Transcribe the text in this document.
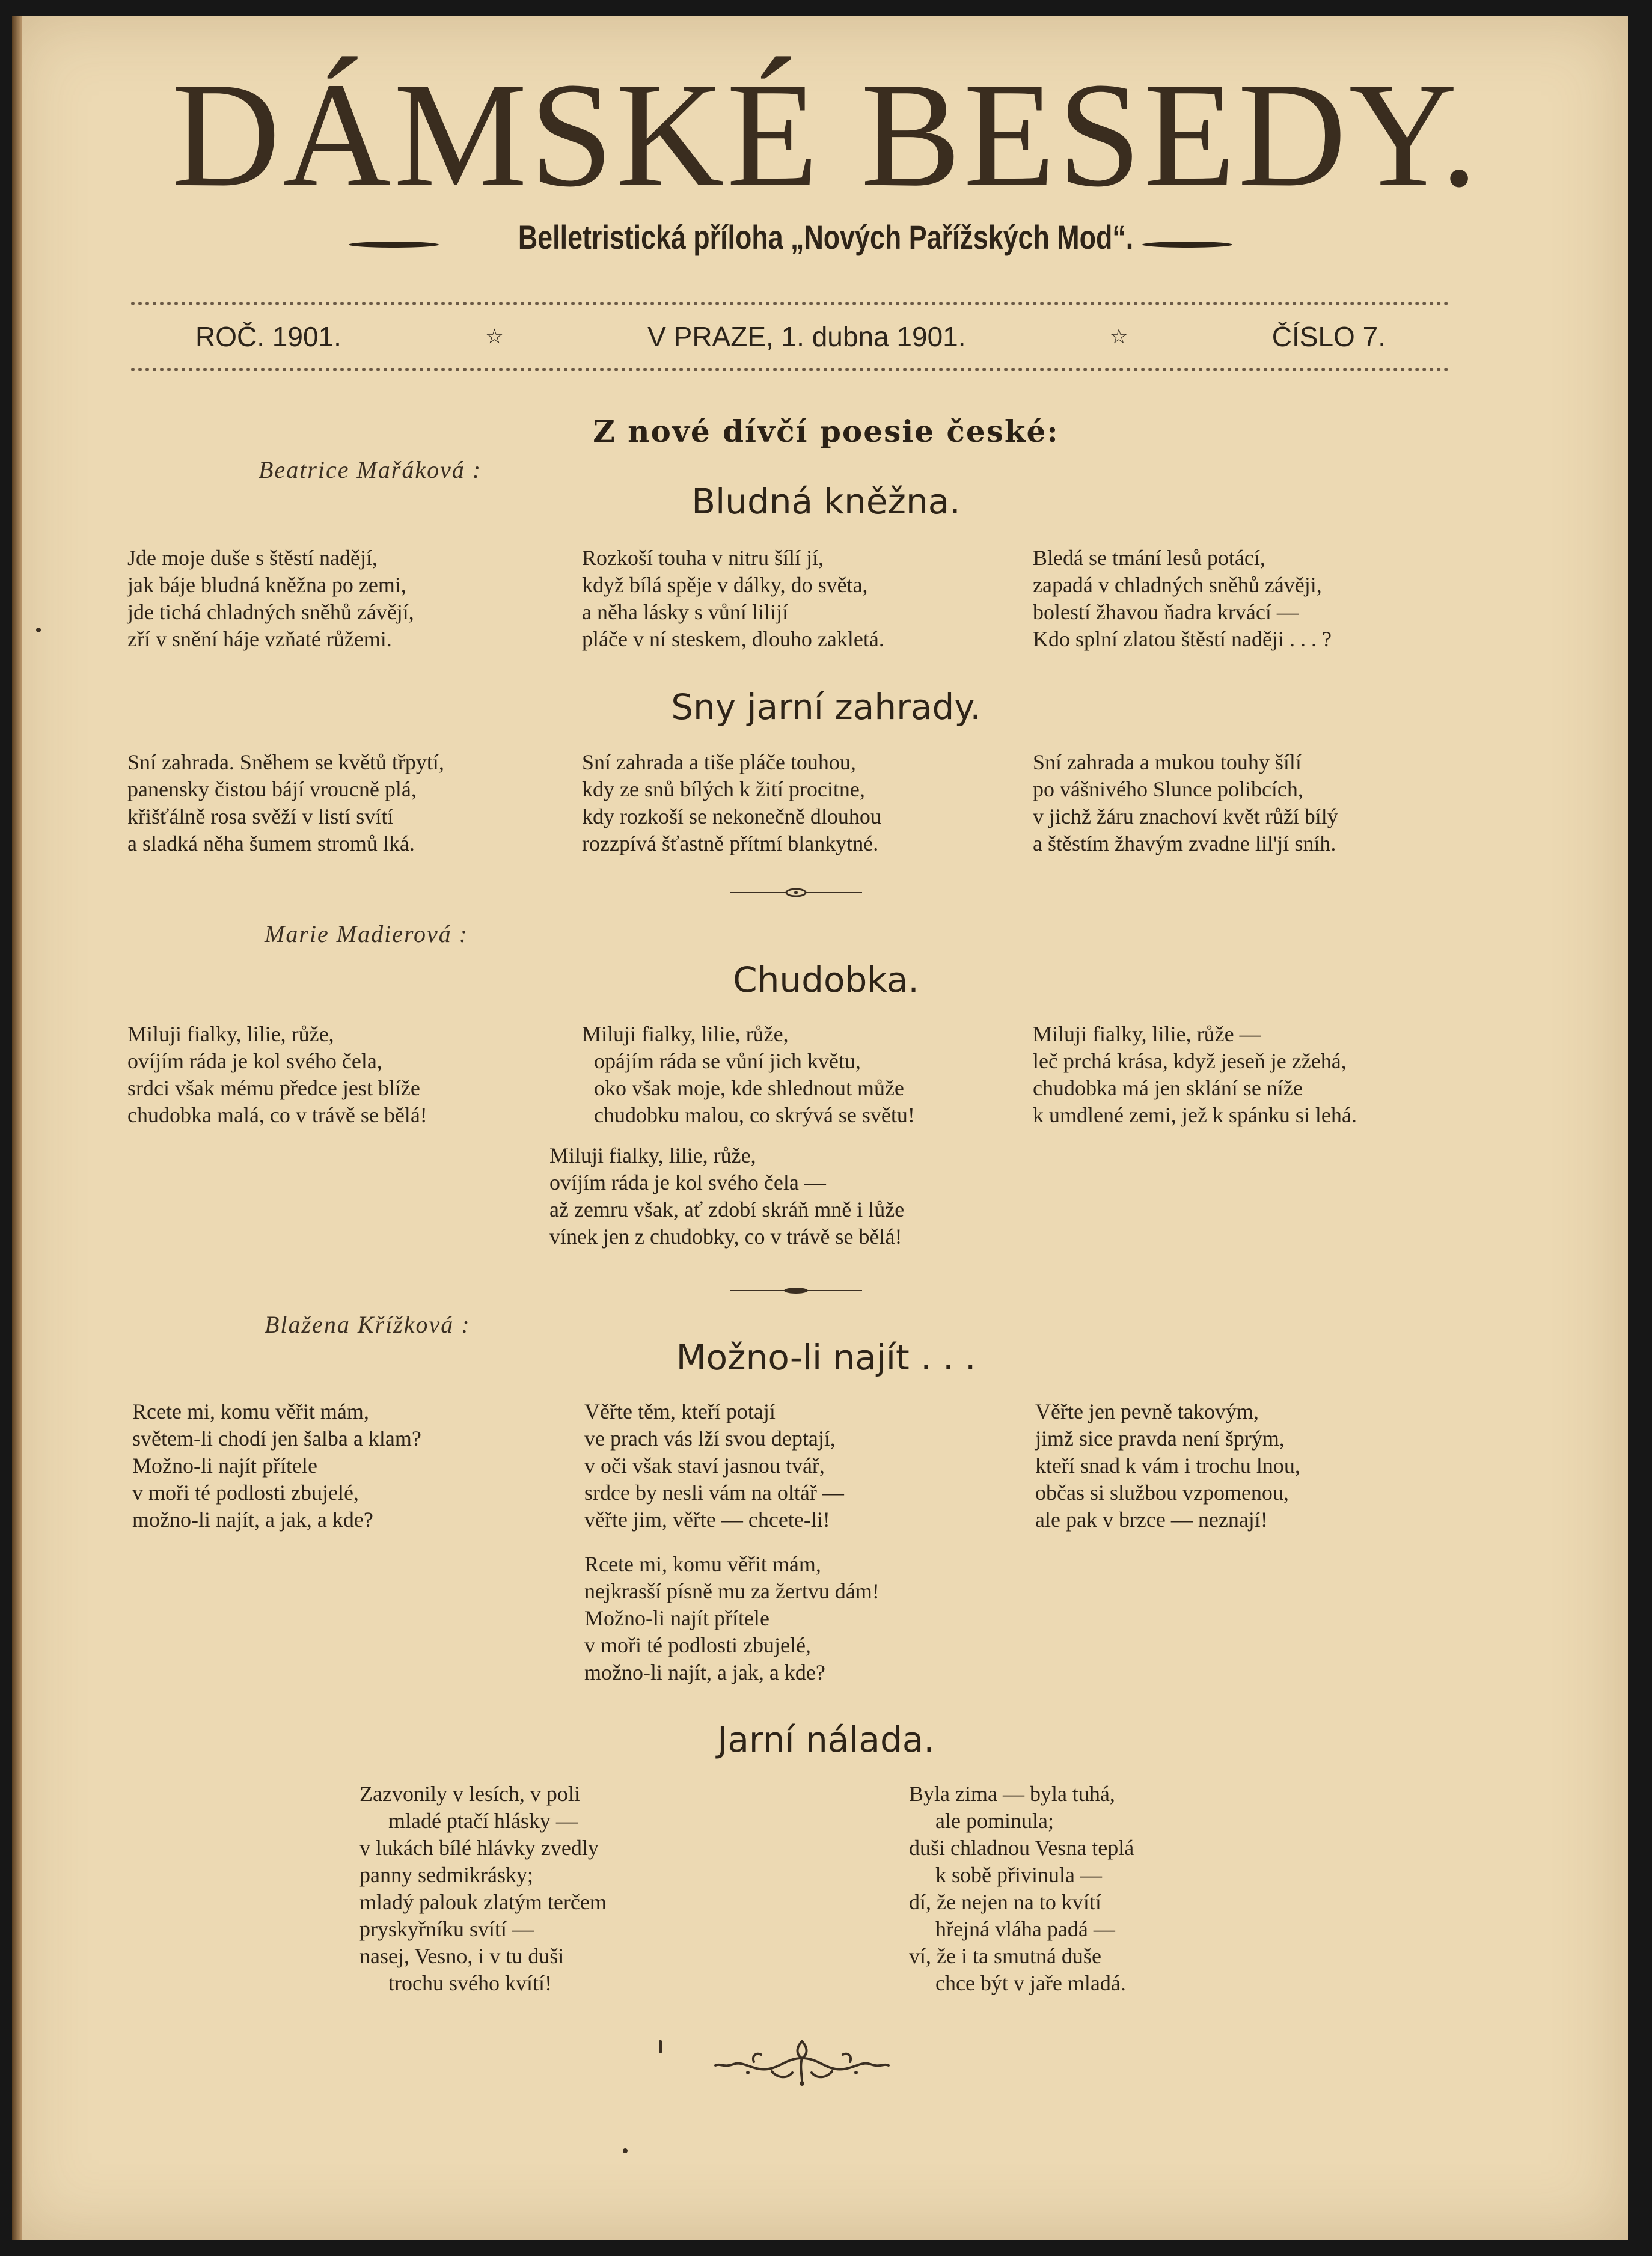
DÁMSKÉ BESEDY.
Belletristická příloha „Nových Pařížských Mod“.
ROČ. 1901.	☆	V PRAZE, 1. dubna 1901.	☆	ČÍSLO 7.
Z nové dívčí poesie české:
Beatrice Mařáková :
Bludná kněžna.
Jde moje duše s štěstí nadějí,
jak báje bludná kněžna po zemi,
jde tichá chladných sněhů závějí,
zří v snění háje vzňaté růžemi.
Rozkoší touha v nitru šílí jí,
když bílá spěje v dálky, do světa,
a něha lásky s vůní lilijí
pláče v ní steskem, dlouho zakletá.
Bledá se tmání lesů potácí,
zapadá v chladných sněhů závěji,
bolestí žhavou ňadra krvácí —
Kdo splní zlatou štěstí naději . . . ?
Sny jarní zahrady.
Sní zahrada. Sněhem se květů třpytí,
panensky čistou bájí vroucně plá,
křišťálně rosa svěží v listí svítí
a sladká něha šumem stromů lká.
Sní zahrada a tiše pláče touhou,
kdy ze snů bílých k žití procitne,
kdy rozkoší se nekonečně dlouhou
rozzpívá šťastně přítmí blankytné.
Sní zahrada a mukou touhy šílí
po vášnivého Slunce polibcích,
v jichž žáru znachoví květ růží bílý
a štěstím žhavým zvadne lil'jí sníh.
Marie Madierová :
Chudobka.
Miluji fialky, lilie, růže,
ovíjím ráda je kol svého čela,
srdci však mému předce jest blíže
chudobka malá, co v trávě se bělá!
Miluji fialky, lilie, růže,
opájím ráda se vůní jich květu,
oko však moje, kde shlednout může
chudobku malou, co skrývá se světu!
Miluji fialky, lilie, růže —
leč prchá krása, když jeseň je zžehá,
chudobka má jen sklání se níže
k umdlené zemi, jež k spánku si lehá.
Miluji fialky, lilie, růže,
ovíjím ráda je kol svého čela —
až zemru však, ať zdobí skráň mně i lůže
vínek jen z chudobky, co v trávě se bělá!
Blažena Křížková :
Možno-li najít . . .
Rcete mi, komu věřit mám,
světem-li chodí jen šalba a klam?
Možno-li najít přítele
v moři té podlosti zbujelé,
možno-li najít, a jak, a kde?
Věřte těm, kteří potají
ve prach vás lží svou deptají,
v oči však staví jasnou tvář,
srdce by nesli vám na oltář —
věřte jim, věřte — chcete-li!
Věřte jen pevně takovým,
jimž sice pravda není šprým,
kteří snad k vám i trochu lnou,
občas si službou vzpomenou,
ale pak v brzce — neznají!
Rcete mi, komu věřit mám,
nejkrasší písně mu za žertvu dám!
Možno-li najít přítele
v moři té podlosti zbujelé,
možno-li najít, a jak, a kde?
Jarní nálada.
Zazvonily v lesích, v poli
mladé ptačí hlásky —
v lukách bílé hlávky zvedly
panny sedmikrásky;
mladý palouk zlatým terčem
pryskyřníku svítí —
nasej, Vesno, i v tu duši
trochu svého kvítí!
Byla zima — byla tuhá,
ale pominula;
duši chladnou Vesna teplá
k sobě přivinula —
dí, že nejen na to kvítí
hřejná vláha padá —
ví, že i ta smutná duše
chce být v jaře mladá.
